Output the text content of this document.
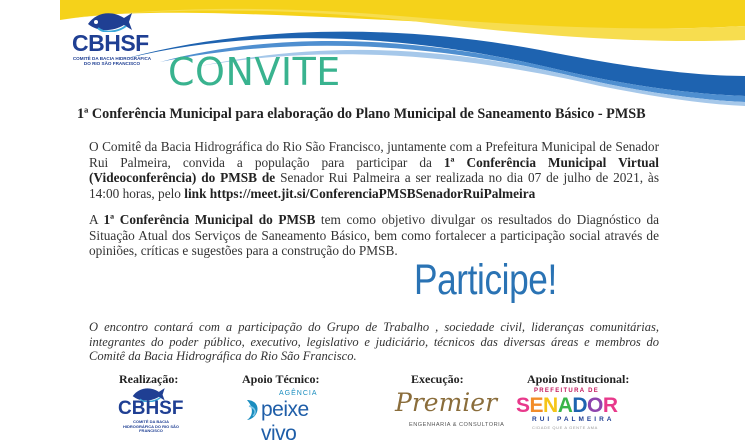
CBHSF
COMITÊ DA BACIA HIDROGRÁFICA DO RIO SÃO FRANCISCO CONVITE
1ª Conferência Municipal para elaboração do Plano Municipal de Saneamento Básico - PMSB
O Comitê da Bacia Hidrográfica do Rio São Francisco, juntamente com a Prefeitura Municipal de Senador Rui Palmeira, convida a população para participar da 1ª Conferência Municipal Virtual (Videoconferência) do PMSB de Senador Rui Palmeira a ser realizada no dia 07 de julho de 2021, às 14:00 horas, pelo link https://meet.jit.si/ConferenciaPMSBSenadorRuiPalmeira
A 1ª Conferência Municipal do PMSB tem como objetivo divulgar os resultados do Diagnóstico da Situação Atual dos Serviços de Saneamento Básico, bem como fortalecer a participação social através de opiniões, críticas e sugestões para a construção do PMSB.
Participe!
O encontro contará com a participação do Grupo de Trabalho , sociedade civil, lideranças comunitárias, integrantes do poder público, executivo, legislativo e judiciário, técnicos das diversas áreas e membros do Comitê da Bacia Hidrográfica do Rio São Francisco.
Realização:	Apoio Técnico:	Execução:	Apoio Institucional:
CBHSF
COMITÊ DA BACIA HIDROGRÁFICA DO RIO SÃO FRANCISCO
AGÊNCIA
peixe vivo
Premier
ENGENHARIA & CONSULTORIA
PREFEITURA DE
SENADOR
RUI PALMEIRA
CIDADE QUE A GENTE AMA
